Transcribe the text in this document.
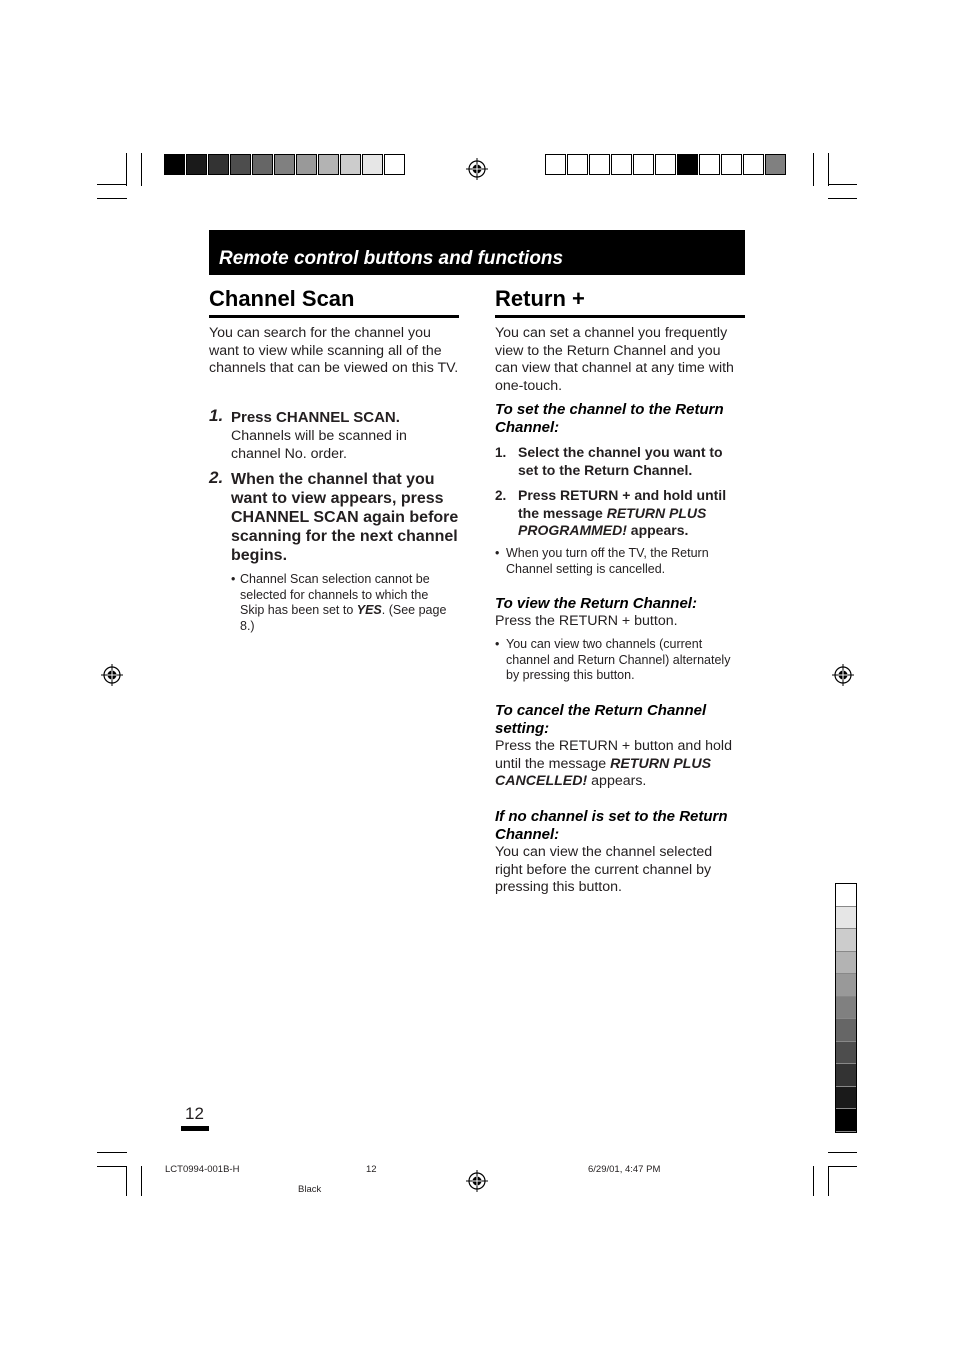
Remote control buttons and functions
Channel Scan
You can search for the channel you want to view while scanning all of the channels that can be viewed on this TV.
1. Press CHANNEL SCAN.
Channels will be scanned in channel No. order.
2. When the channel that you want to view appears, press CHANNEL SCAN again before scanning for the next channel begins.
• Channel Scan selection cannot be selected for channels to which the Skip has been set to YES. (See page 8.)
Return +
You can set a channel you frequently view to the Return Channel and you can view that channel at any time with one-touch.
To set the channel to the Return Channel:
1. Select the channel you want to set to the Return Channel.
2. Press RETURN + and hold until the message RETURN PLUS PROGRAMMED! appears.
• When you turn off the TV, the Return Channel setting is cancelled.
To view the Return Channel:
Press the RETURN + button.
• You can view two channels (current channel and Return Channel) alternately by pressing this button.
To cancel the Return Channel setting:
Press the RETURN + button and hold until the message RETURN PLUS CANCELLED! appears.
If no channel is set to the Return Channel:
You can view the channel selected right before the current channel by pressing this button.
12
LCT0994-001B-H	12	6/29/01, 4:47 PM
Black
